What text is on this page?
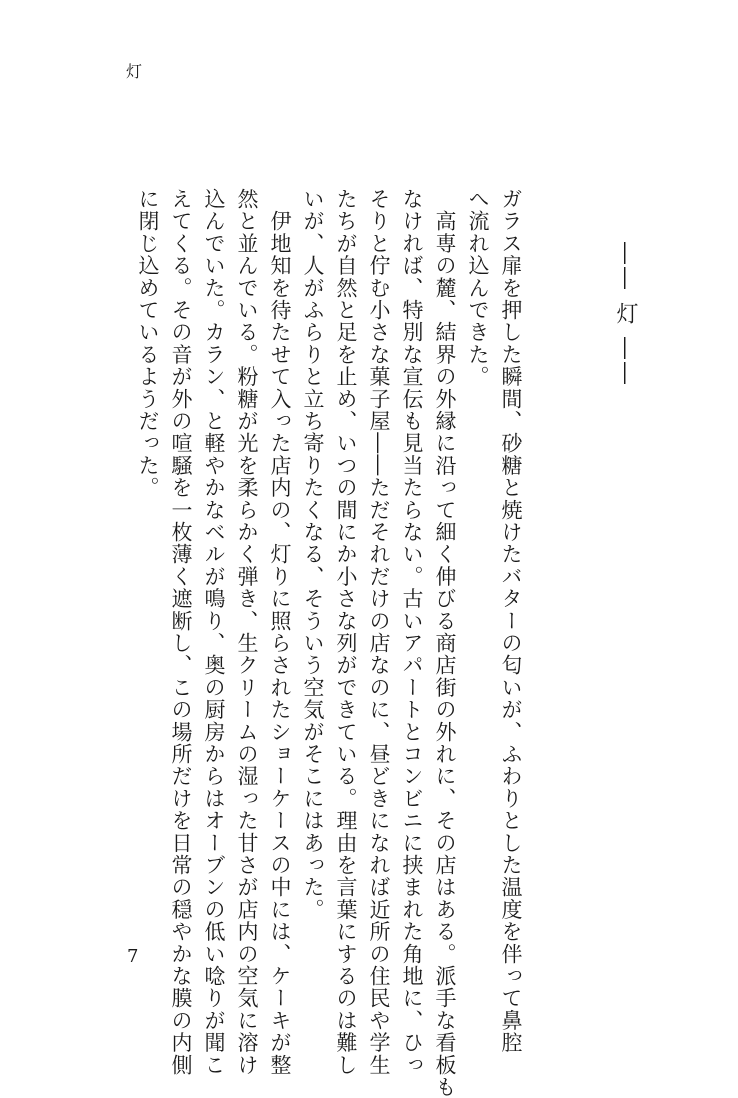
灯
―― 灯 ――
ガラス扉を押した瞬間、砂糖と焼けたバターの匂いが、ふわりとした温度を伴って鼻腔
へ流れ込んできた。
　高専の麓、結界の外縁に沿って細く伸びる商店街の外れに、その店はある。派手な看板も
なければ、特別な宣伝も見当たらない。古いアパートとコンビニに挟まれた角地に、ひっ
そりと佇む小さな菓子屋――ただそれだけの店なのに、昼どきになれば近所の住民や学生
たちが自然と足を止め、いつの間にか小さな列ができている。理由を言葉にするのは難し
いが、人がふらりと立ち寄りたくなる、そういう空気がそこにはあった。
　伊地知を待たせて入った店内の、灯りに照らされたショーケースの中には、ケーキが整
然と並んでいる。粉糖が光を柔らかく弾き、生クリームの湿った甘さが店内の空気に溶け
込んでいた。カラン、と軽やかなベルが鳴り、奥の厨房からはオーブンの低い唸りが聞こ
えてくる。その音が外の喧騒を一枚薄く遮断し、この場所だけを日常の穏やかな膜の内側
に閉じ込めているようだった。
7
